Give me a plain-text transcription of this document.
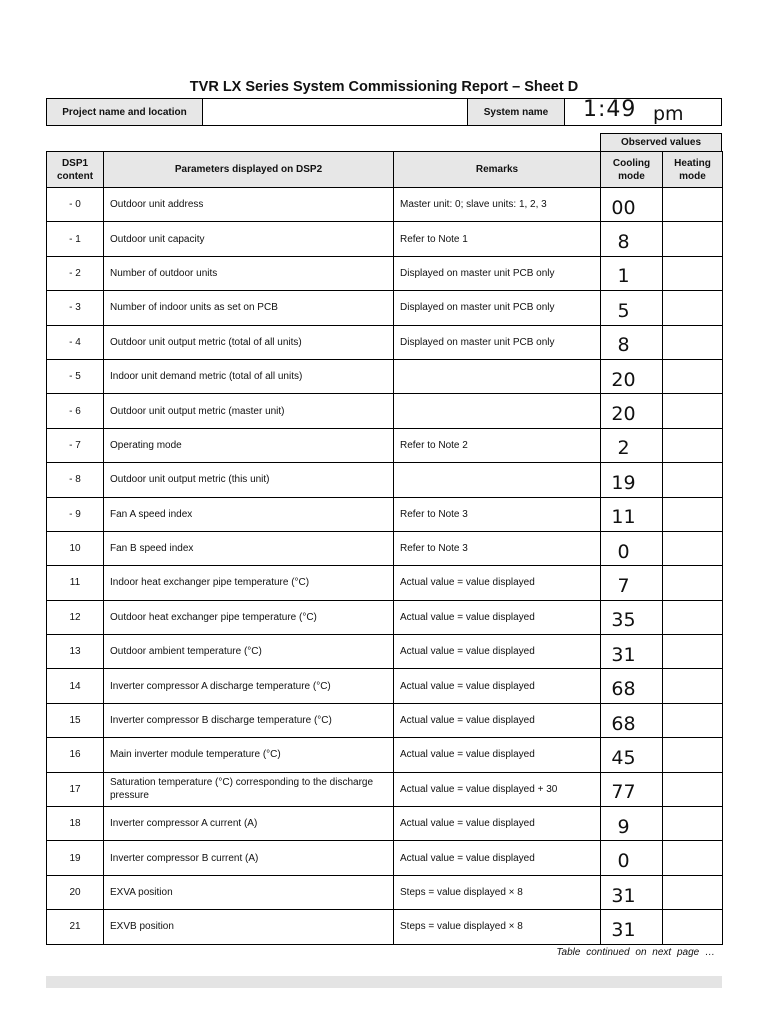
TVR LX Series System Commissioning Report – Sheet D
Project name and location	System name	1:49 pm
Observed values
DSP1 content	Parameters displayed on DSP2	Remarks	Cooling mode	Heating mode
- 0	Outdoor unit address	Master unit: 0; slave units: 1, 2, 3	00	
- 1	Outdoor unit capacity	Refer to Note 1	8	
- 2	Number of outdoor units	Displayed on master unit PCB only	1	
- 3	Number of indoor units as set on PCB	Displayed on master unit PCB only	5	
- 4	Outdoor unit output metric (total of all units)	Displayed on master unit PCB only	8	
- 5	Indoor unit demand metric (total of all units)		20	
- 6	Outdoor unit output metric (master unit)		20	
- 7	Operating mode	Refer to Note 2	2	
- 8	Outdoor unit output metric (this unit)		19	
- 9	Fan A speed index	Refer to Note 3	11	
10	Fan B speed index	Refer to Note 3	0	
11	Indoor heat exchanger pipe temperature (°C)	Actual value = value displayed	7	
12	Outdoor heat exchanger pipe temperature (°C)	Actual value = value displayed	35	
13	Outdoor ambient temperature (°C)	Actual value = value displayed	31	
14	Inverter compressor A discharge temperature (°C)	Actual value = value displayed	68	
15	Inverter compressor B discharge temperature (°C)	Actual value = value displayed	68	
16	Main inverter module temperature (°C)	Actual value = value displayed	45	
17	Saturation temperature (°C) corresponding to the discharge pressure	Actual value = value displayed + 30	77	
18	Inverter compressor A current (A)	Actual value = value displayed	9	
19	Inverter compressor B current (A)	Actual value = value displayed	0	
20	EXVA position	Steps = value displayed × 8	31	
21	EXVB position	Steps = value displayed × 8	31	
Table continued on next page …
